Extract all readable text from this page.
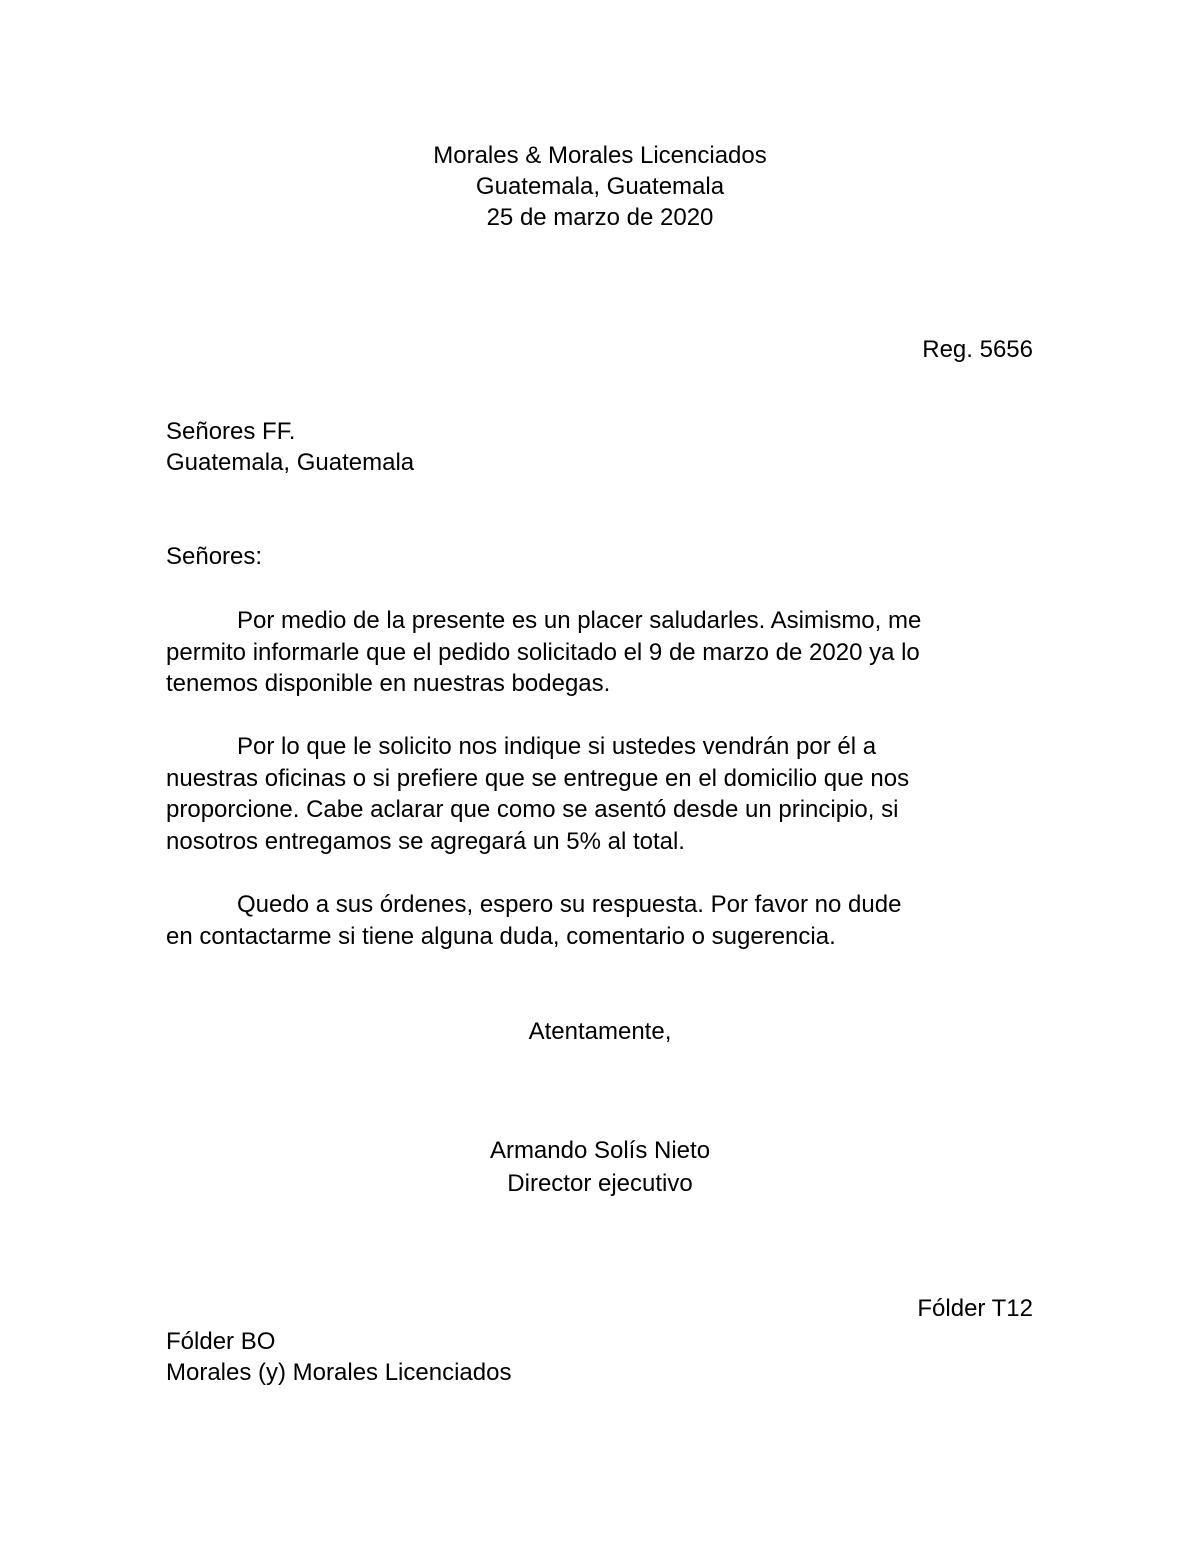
Morales & Morales Licenciados
Guatemala, Guatemala
25 de marzo de 2020
Reg. 5656
Señores FF.
Guatemala, Guatemala
Señores:
Por medio de la presente es un placer saludarles. Asimismo, me
permito informarle que el pedido solicitado el 9 de marzo de 2020 ya lo
tenemos disponible en nuestras bodegas.
Por lo que le solicito nos indique si ustedes vendrán por él a
nuestras oficinas o si prefiere que se entregue en el domicilio que nos
proporcione. Cabe aclarar que como se asentó desde un principio, si
nosotros entregamos se agregará un 5% al total.
Quedo a sus órdenes, espero su respuesta. Por favor no dude
en contactarme si tiene alguna duda, comentario o sugerencia.
Atentamente,
Armando Solís Nieto
Director ejecutivo
Fólder T12
Fólder BO
Morales (y) Morales Licenciados
